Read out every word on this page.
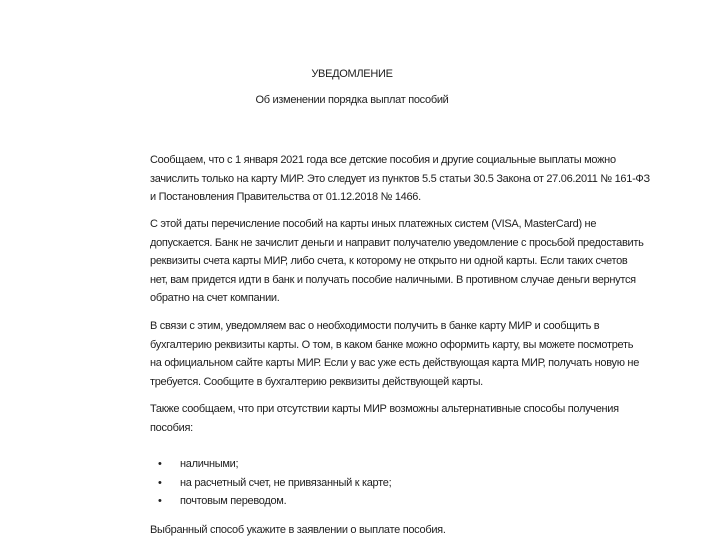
УВЕДОМЛЕНИЕ
Об изменении порядка выплат пособий
Сообщаем, что с 1 января 2021 года все детские пособия и другие социальные выплаты можно
зачислить только на карту МИР. Это следует из пунктов 5.5 статьи 30.5 Закона от 27.06.2011 № 161-ФЗ
и Постановления Правительства от 01.12.2018 № 1466.
С этой даты перечисление пособий на карты иных платежных систем (VISA, MasterCard) не
допускается. Банк не зачислит деньги и направит получателю уведомление с просьбой предоставить
реквизиты счета карты МИР, либо счета, к которому не открыто ни одной карты. Если таких счетов
нет, вам придется идти в банк и получать пособие наличными. В противном случае деньги вернутся
обратно на счет компании.
В связи с этим, уведомляем вас о необходимости получить в банке карту МИР и сообщить в
бухгалтерию реквизиты карты. О том, в каком банке можно оформить карту, вы можете посмотреть
на официальном сайте карты МИР. Если у вас уже есть действующая карта МИР, получать новую не
требуется. Сообщите в бухгалтерию реквизиты действующей карты.
Также сообщаем, что при отсутствии карты МИР возможны альтернативные способы получения
пособия:
• наличными;
• на расчетный счет, не привязанный к карте;
• почтовым переводом.
Выбранный способ укажите в заявлении о выплате пособия.
